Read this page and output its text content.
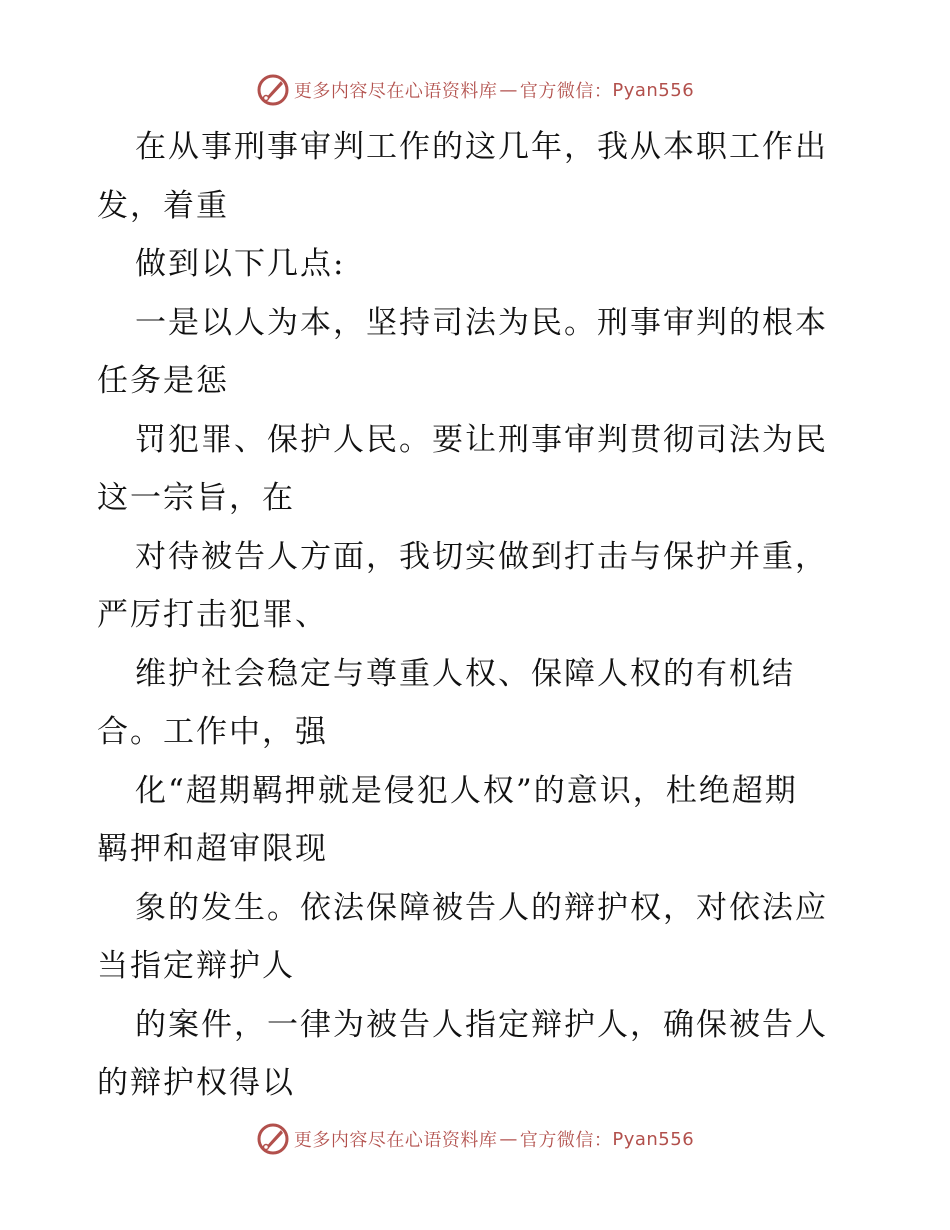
更多内容尽在心语资料库 — 官方微信： Pyan556
在从事刑事审判工作的这几年，我从本职工作出
发，着重
做到以下几点:
一是以人为本，坚持司法为民。刑事审判的根本
任务是惩
罚犯罪、保护人民。要让刑事审判贯彻司法为民
这一宗旨，在
对待被告人方面，我切实做到打击与保护并重，
严厉打击犯罪、
维护社会稳定与尊重人权、保障人权的有机结
合。工作中，强
化“超期羁押就是侵犯人权”的意识，杜绝超期
羁押和超审限现
象的发生。依法保障被告人的辩护权，对依法应
当指定辩护人
的案件，一律为被告人指定辩护人，确保被告人
的辩护权得以
更多内容尽在心语资料库 — 官方微信： Pyan556
